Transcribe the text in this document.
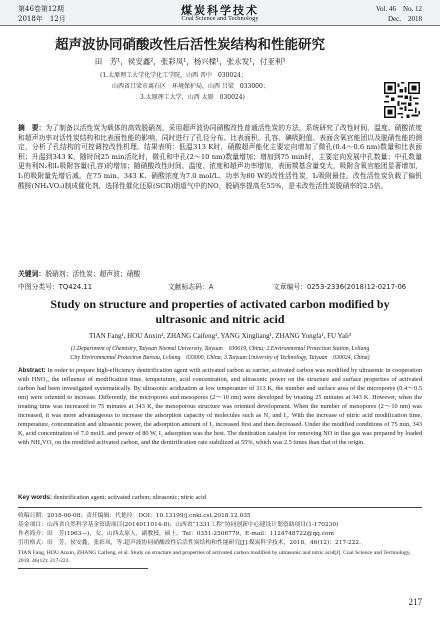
第46卷第12期
2018年　12月
煤炭科学技术
Coal Science and Technology
Vol. 46　No. 12
Dec.　2018
超声波协同硝酸改性后活性炭结构和性能研究
田　芳¹，侯安鑫²，张彩凤¹，杨兴樑¹，张永发¹，付亚利³
(1.太原理工大学化学化工学院，山西 晋中　030024；
山西省吕梁市离石区　环境保护局，山西 吕梁　033000；
3.太原理工大学，山西 太原　030024)
摘　要：为了制备以活性炭为载体的高效脱硝剂，采用超声波协同硝酸改性普通活性炭的方法，系统研究了改性时间、温度、硝酸浓度和超声功率对活性炭结构和比表面性能的影响，同时进行了孔径分布、比表面积、孔容、碘吸附值、表面含氧官能团以及脱硝性能的测定，分析了孔结构的可控调控改性机理。结果表明：低温313 K时，硝酸超声能化主要定向增加了微孔(0.4～0.6 nm)数量和比表面积；升温到343 K，随时间25 min活化时，微孔和中孔(2～10 nm)数量增加；增加到75 min时，主要定向发展中孔数量；中孔数量更有利N₂和I₂吸附容量(孔容)的增加；随硝酸改性时间、温度、浓度和超声功率增加，表面羰基含量变大，吸附含氧官能团显著增加，I₂的吸附量先增后减。在75 min、343 K、硝酸浓度为7.0 mol/L、功率为80 W的改性活性炭，I₂吸附最佳。改性活性炭负载了偏钒酸胺(NH₄VO₃)制成催化剂，选择性催化还原(SCR)烟道气中的NO，脱硝率提高至55%，是未改性活性炭脱硝率的2.5倍。
关键词：脱硝剂；活性炭；超声波；硝酸
中图分类号：TQ424.11	文献标志码：A	文章编号：0253-2336(2018)12-0217-06
Study on structure and properties of activated carbon modified by ultrasonic and nitric acid
TIAN Fang¹, HOU Anxin², ZHANG Caifeng¹, YANG Xingliang¹, ZHANG Yongfa¹, FU Yali³
(1.Department of Chemistry, Taiyuan Normal University, Taiyuan　030619, China; 2.Environmental Protection Station, Lvliang
City Environmental Protection Bureau, Lvliang　033000, China; 3.Taiyuan University of Technology, Taiyuan　030024, China)
Abstract: In order to prepare high-efficiency denitrification agent with activated carbon as carrier, activated carbon was modified by ultrasonic in cooperation with HNO₃, the influence of modification time, temperature, acid concentration, and ultrasonic power on the structure and surface properties of activated carbon had been investigated systematically. By ultrasonic acidization at low temperature of 313 K, the number and surface area of the micropores (0.4～0.5 nm) were oriented to increase. Differently, the micropores and mesopores (2～10 nm) were developed by treating 25 minutes at 343 K. However, when the treating time was increased to 75 minutes at 343 K, the mesoporous structure was oriented development. When the number of mesopores (2～10 nm) was increased, it was more advantageous to increase the adsorption capacity of molecules such as N₂ and I₂. With the increase of nitric acid modification time, temperature, concentration and ultrasonic power, the adsorption amount of I₂ increased first and then decreased. Under the modified conditions of 75 min, 343 K, acid concentration of 7.0 mol/L and power of 80 W, I₂ adsorption was the best. The denitration catalyst for removing NO in flue gas was prepared by loaded with NH₄VO₃ on the modified activated carbon, and the denitrification rate stabilized at 55%, which was 2.5 times than that of the origin.
Key words: denitrification agent; activated carbon; ultrasonic; nitric acid
收稿日期：2018-06-08；责任编辑：代艳玲　DOI：10.13199/j.cnki.cst.2018.12.035
基金项目：山西省自然科学基金资助项目(2014011014-8)；山西省“1331工程”协同创新中心建设计划资助项目(1-170230)
作者简介：田　芳(1963—)，女，山西太原人，副教授，硕士。Tel：0351-2506779，E-mail：1124748722@qq.com
引用格式：田　芳，侯安鑫，张彩凤，等.超声波协同硝酸改性后活性炭结构和性能研究[J].煤炭科学技术，2018，46(12)：217-222.
TIAN Fang, HOU Anxin, ZHANG Caifeng, et al. Study on structure and properties of activated carbon modified by ultrasonic and nitric acid[J]. Coal Science and Technology, 2018, 46(12): 217-222.
217
